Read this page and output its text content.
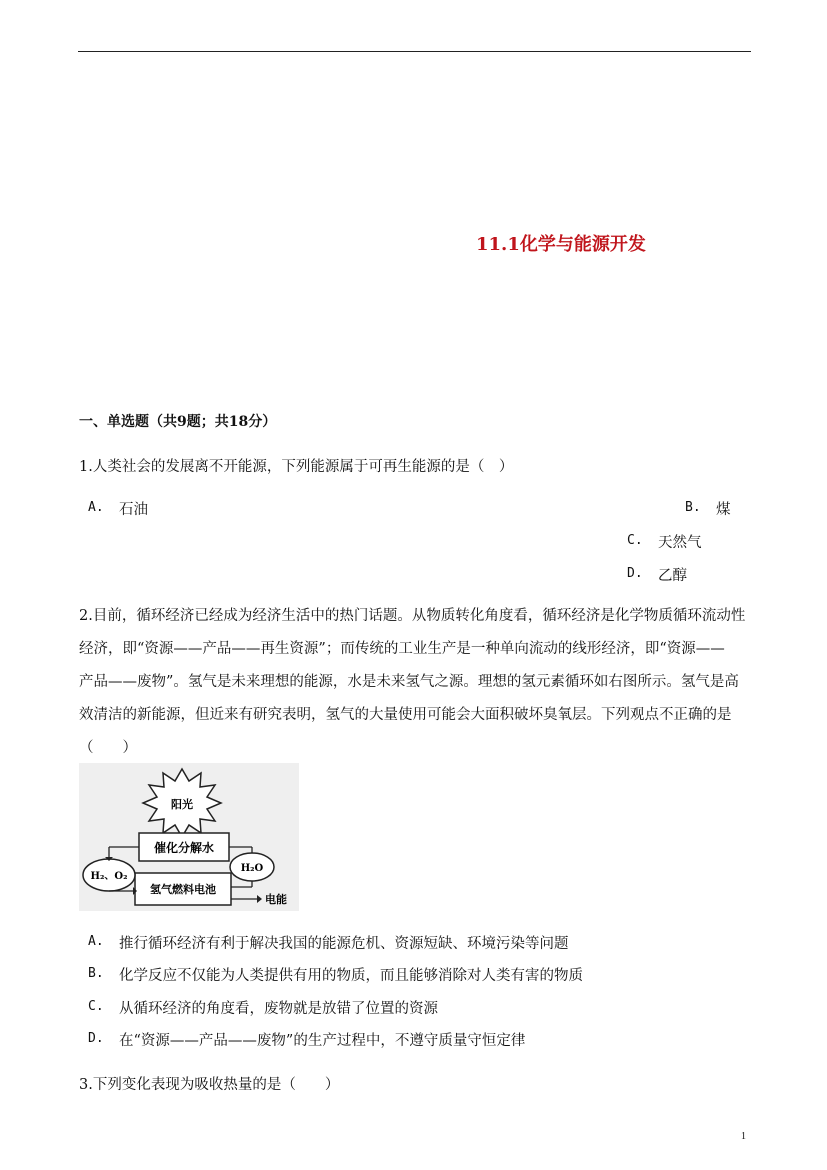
11.1化学与能源开发
一、单选题（共9题；共18分）
1.人类社会的发展离不开能源，下列能源属于可再生能源的是（　）
A. 石油	B. 煤
C. 天然气
D. 乙醇
2.目前，循环经济已经成为经济生活中的热门话题。从物质转化角度看，循环经济是化学物质循环流动性
经济，即“资源——产品——再生资源”；而传统的工业生产是一种单向流动的线形经济，即“资源——
产品——废物”。氢气是未来理想的能源，水是未来氢气之源。理想的氢元素循环如右图所示。氢气是高
效清洁的新能源，但近来有研究表明，氢气的大量使用可能会大面积破坏臭氧层。下列观点不正确的是
（　　）
阳光
催化分解水
氢气燃料电池
H₂、O₂
H₂O
电能
A. 推行循环经济有利于解决我国的能源危机、资源短缺、环境污染等问题
B. 化学反应不仅能为人类提供有用的物质，而且能够消除对人类有害的物质
C. 从循环经济的角度看，废物就是放错了位置的资源
D. 在“资源——产品——废物”的生产过程中，不遵守质量守恒定律
3.下列变化表现为吸收热量的是（　　）
1
